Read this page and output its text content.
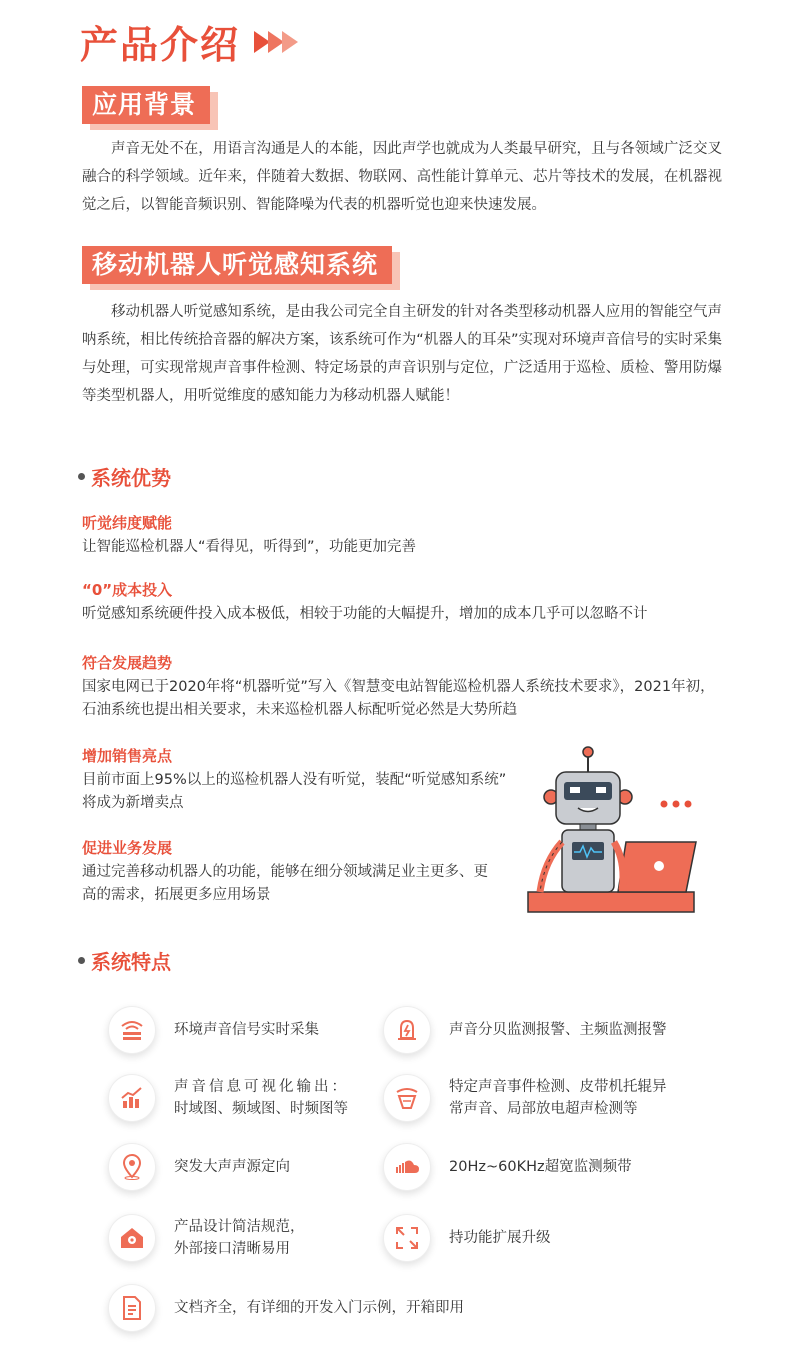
产品介绍
应用背景

声音无处不在，用语言沟通是人的本能，因此声学也就成为人类最早研究，且与各领域广泛交叉融合的科学领域。近年来，伴随着大数据、物联网、高性能计算单元、芯片等技术的发展，在机器视觉之后，以智能音频识别、智能降噪为代表的机器听觉也迎来快速发展。

移动机器人听觉感知系统

移动机器人听觉感知系统，是由我公司完全自主研发的针对各类型移动机器人应用的智能空气声呐系统，相比传统拾音器的解决方案，该系统可作为“机器人的耳朵”实现对环境声音信号的实时采集与处理，可实现常规声音事件检测、特定场景的声音识别与定位，广泛适用于巡检、质检、警用防爆等类型机器人，用听觉维度的感知能力为移动机器人赋能！

系统优势
听觉纬度赋能
让智能巡检机器人“看得见，听得到”，功能更加完善
“0”成本投入
听觉感知系统硬件投入成本极低，相较于功能的大幅提升，增加的成本几乎可以忽略不计
符合发展趋势
国家电网已于2020年将“机器听觉”写入《智慧变电站智能巡检机器人系统技术要求》，2021年初，
石油系统也提出相关要求，未来巡检机器人标配听觉必然是大势所趋
增加销售亮点
目前市面上95%以上的巡检机器人没有听觉，装配“听觉感知系统”
将成为新增卖点
促进业务发展
通过完善移动机器人的功能，能够在细分领域满足业主更多、更
高的需求，拓展更多应用场景
系统特点
环境声音信号实时采集	声音分贝监测报警、主频监测报警
声音信息可视化输出：
时域图、频域图、时频图等
特定声音事件检测、皮带机托辊异
常声音、局部放电超声检测等
突发大声声源定向	20Hz~60KHz超宽监测频带
产品设计简洁规范，
外部接口清晰易用
持功能扩展升级
文档齐全，有详细的开发入门示例，开箱即用
